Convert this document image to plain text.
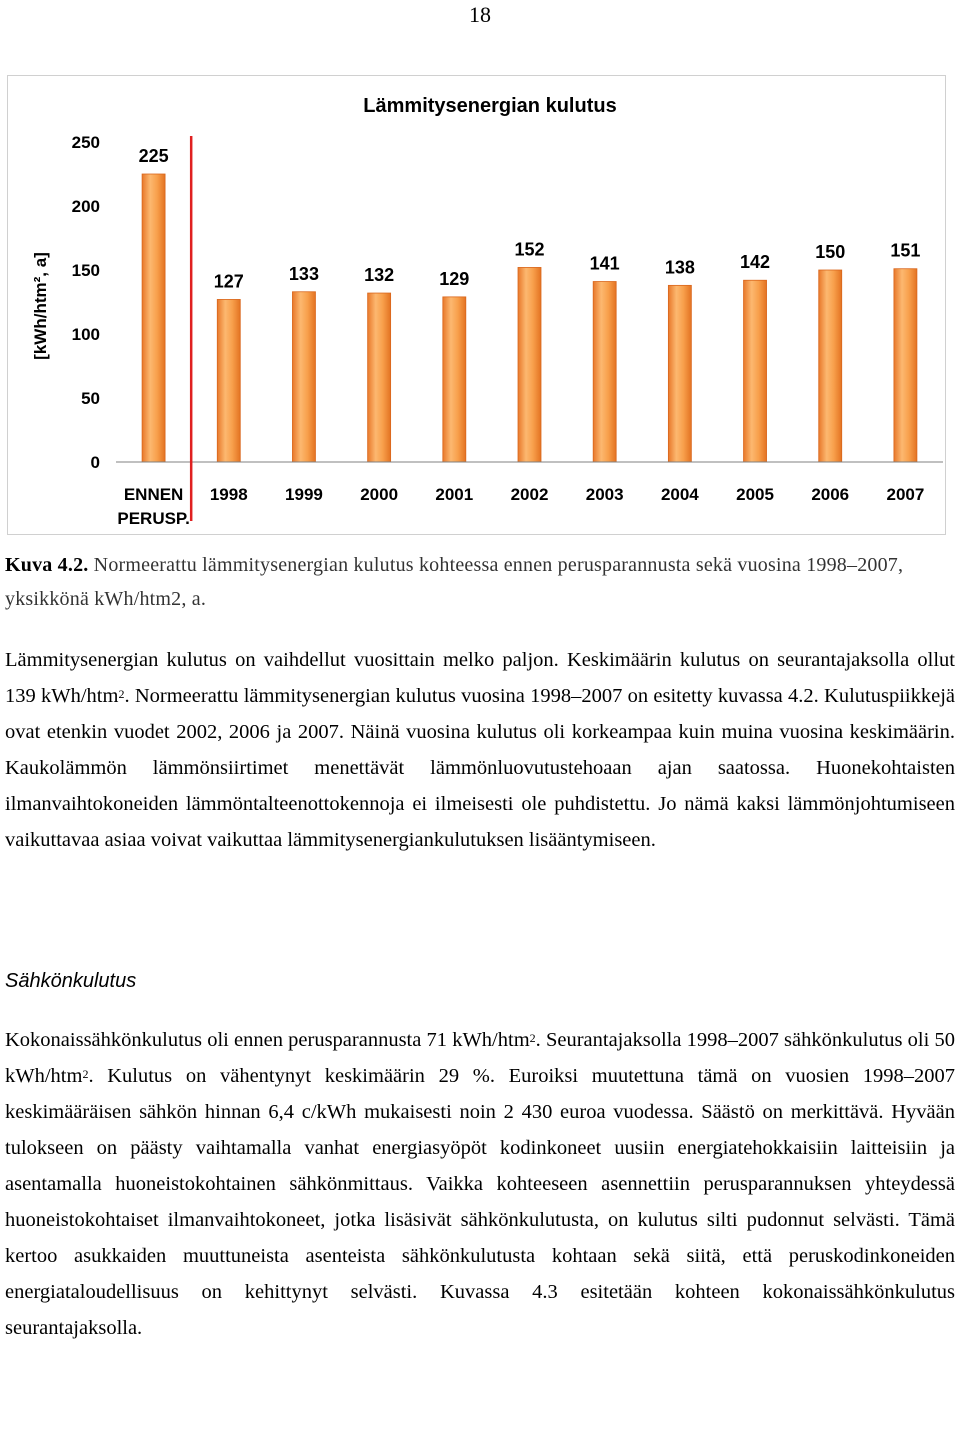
18
Lämmitysenergian kulutus
[kWh/htm², a]
0
50
100
150
200
250
225
127	133	132	129
152
141	138	142
150	151
ENNEN
PERUSP.
1998 1999 2000 2001 2002 2003 2004 2005 2006 2007
Kuva 4.2. Normeerattu lämmitysenergian kulutus kohteessa ennen perusparannusta sekä vuosina 1998–2007, yksikkönä kWh/htm2, a.
Lämmitysenergian kulutus on vaihdellut vuosittain melko paljon. Keskimäärin kulutus on seurantajaksolla ollut 139 kWh/htm$^2$. Normeerattu lämmitysenergian kulutus vuosina 1998–2007 on esitetty kuvassa 4.2. Kulutuspiikkejä ovat etenkin vuodet 2002, 2006 ja 2007. Näinä vuosina kulutus oli korkeampaa kuin muina vuosina keskimäärin. Kaukolämmön lämmönsiirtimet menettävät lämmönluovutustehoaan ajan saatossa. Huonekohtaisten ilmanvaihtokoneiden lämmöntalteenottokennoja ei ilmeisesti ole puhdistettu. Jo nämä kaksi lämmönjohtumiseen vaikuttavaa asiaa voivat vaikuttaa lämmitysenergiankulutuksen lisääntymiseen.
Sähkönkulutus
Kokonaissähkönkulutus oli ennen perusparannusta 71 kWh/htm$^2$. Seurantajaksolla 1998–2007 sähkönkulutus oli 50 kWh/htm$^2$. Kulutus on vähentynyt keskimäärin 29 %. Euroiksi muutettuna tämä on vuosien 1998–2007 keskimääräisen sähkön hinnan 6,4 c/kWh mukaisesti noin 2 430 euroa vuodessa. Säästö on merkittävä. Hyvään tulokseen on päästy vaihtamalla vanhat energiasyöpöt kodinkoneet uusiin energiatehokkaisiin laitteisiin ja asentamalla huoneistokohtainen sähkönmittaus. Vaikka kohteeseen asennettiin perusparannuksen yhteydessä huoneistokohtaiset ilmanvaihtokoneet, jotka lisäsivät sähkönkulutusta, on kulutus silti pudonnut selvästi. Tämä kertoo asukkaiden muuttuneista asenteista sähkönkulutusta kohtaan sekä siitä, että peruskodinkoneiden energiataloudellisuus on kehittynyt selvästi. Kuvassa 4.3 esitetään kohteen kokonaissähkönkulutus seurantajaksolla.
